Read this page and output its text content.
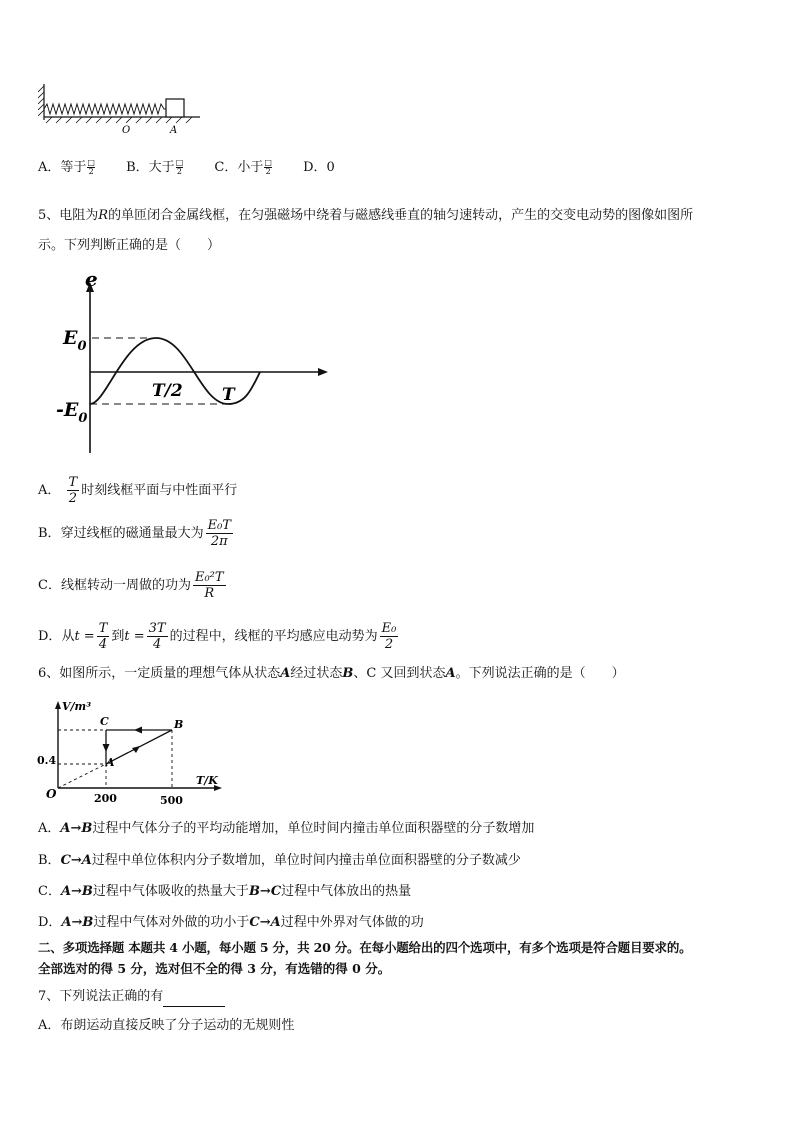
O	A
A．等于 $\frac{□}{2}$ B．大于 $\frac{□}{2}$ C．小于 $\frac{□}{2}$ D．0
5、电阻为R的单匝闭合金属线框，在匀强磁场中绕着与磁感线垂直的轴匀速转动，产生的交变电动势的图像如图所
示。下列判断正确的是（　　）
e
$E_0$
$-E_0$
T/2 T
A． $\frac{T}{2}$ 时刻线框平面与中性面平行
B．穿过线框的磁通量最大为 $\frac{\text{E₀T}}{2\pi}$
C．线框转动一周做的功为 $\frac{\text{E₀²T}}{R}$
D．从$t = \frac{T}{4}$ 到$t = \frac{3T}{4}$ 的过程中，线框的平均感应电动势为 $\frac{\text{E₀}}{2}$
6、如图所示，一定质量的理想气体从状态A经过状态B、C 又回到状态A。下列说法正确的是（　　）
V/m³
T/K
O
0.4
200	500
A
B
C
A．A→B过程中气体分子的平均动能增加，单位时间内撞击单位面积器壁的分子数增加
B．C→A过程中单位体积内分子数增加，单位时间内撞击单位面积器壁的分子数减少
C．A→B过程中气体吸收的热量大于B→C过程中气体放出的热量
D．A→B过程中气体对外做的功小于C→A过程中外界对气体做的功
二、多项选择题 本题共 4 小题，每小题 5 分，共 20 分。在每小题给出的四个选项中，有多个选项是符合题目要求的。
全部选对的得 5 分，选对但不全的得 3 分，有选错的得 0 分。
7、下列说法正确的有
A．布朗运动直接反映了分子运动的无规则性
